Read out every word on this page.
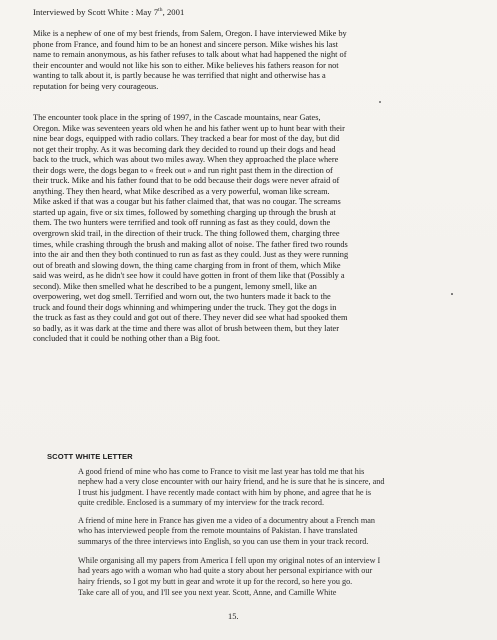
Interviewed by Scott White : May 7th, 2001
Mike is a nephew of one of my best friends, from Salem, Oregon. I have interviewed Mike by
phone from France, and found him to be an honest and sincere person. Mike wishes his last
name to remain anonymous, as his father refuses to talk about what had happened the night of
their encounter and would not like his son to either. Mike believes his fathers reason for not
wanting to talk about it, is partly because he was terrified that night and otherwise has a
reputation for being very courageous.
The encounter took place in the spring of 1997, in the Cascade mountains, near Gates,
Oregon. Mike was seventeen years old when he and his father went up to hunt bear with their
nine bear dogs, equipped with radio collars. They tracked a bear for most of the day, but did
not get their trophy. As it was becoming dark they decided to round up their dogs and head
back to the truck, which was about two miles away. When they approached the place where
their dogs were, the dogs began to « freek out » and run right past them in the direction of
their truck. Mike and his father found that to be odd because their dogs were never afraid of
anything. They then heard, what Mike described as a very powerful, woman like scream.
Mike asked if that was a cougar but his father claimed that, that was no cougar. The screams
started up again, five or six times, followed by something charging up through the brush at
them. The two hunters were terrified and took off running as fast as they could, down the
overgrown skid trail, in the direction of their truck. The thing followed them, charging three
times, while crashing through the brush and making allot of noise. The father fired two rounds
into the air and then they both continued to run as fast as they could. Just as they were running
out of breath and slowing down, the thing came charging from in front of them, which Mike
said was weird, as he didn't see how it could have gotten in front of them like that (Possibly a
second). Mike then smelled what he described to be a pungent, lemony smell, like an
overpowering, wet dog smell. Terrified and worn out, the two hunters made it back to the
truck and found their dogs whinning and whimpering under the truck. They got the dogs in
the truck as fast as they could and got out of there. They never did see what had spooked them
so badly, as it was dark at the time and there was allot of brush between them, but they later
concluded that it could be nothing other than a Big foot.
SCOTT WHITE LETTER
A good friend of mine who has come to France to visit me last year has told me that his
nephew had a very close encounter with our hairy friend, and he is sure that he is sincere, and
I trust his judgment. I have recently made contact with him by phone, and agree that he is
quite credible. Enclosed is a summary of my interview for the track record.
A friend of mine here in France has given me a video of a documentry about a French man
who has interviewed people from the remote mountains of Pakistan. I have translated
summarys of the three interviews into English, so you can use them in your track record.
While organising all my papers from America I fell upon my original notes of an interview I
had years ago with a woman who had quite a story about her personal expiriance with our
hairy friends, so I got my butt in gear and wrote it up for the record, so here you go.
Take care all of you, and I'll see you next year. Scott, Anne, and Camille White
15.
